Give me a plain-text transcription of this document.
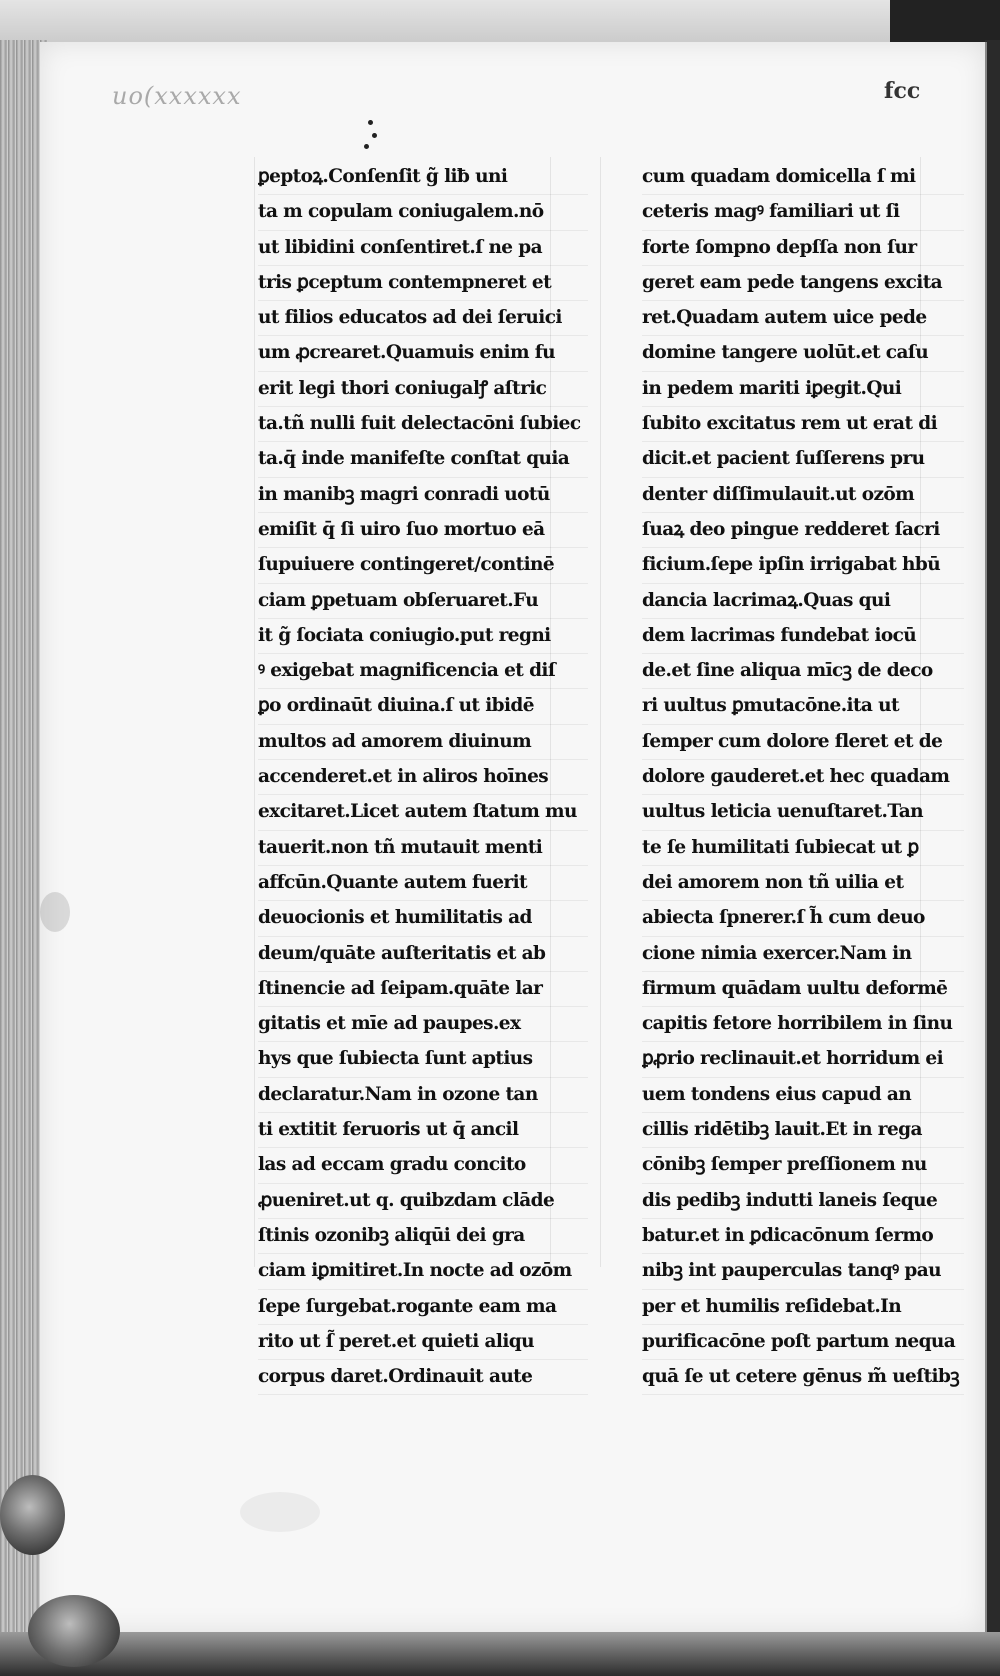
uo(xxxxxx	fcc
ꝑeptoꝝ.Conſenſit g̃ liƀ uni
ta m copulam coniugalem.nō
ut libidini conſentiret.ſ ne pa
tris ꝑceptum contempneret et
ut filios educatos ad dei ſeruici
um ꝓcrearet.Quamuis enim fu
erit legi thori coniugalꝭ aſtric
ta.tñ nulli fuit delectacōni ſubiec
ta.q̄ inde manifeſte conſtat quia
in manibꝫ magri conradi uotū
emiſit q̄ ſi uiro ſuo mortuo eā
ſupuiuere contingeret/continē
ciam ꝑpetuam obſeruaret.Fu
it g̃ ſociata coniugio.put regni
ꝰ exigebat magnificencia et diſ
ꝑo ordinaūt diuina.ſ ut ibidē
multos ad amorem diuinum
accenderet.et in aliros hoīnes
excitaret.Licet autem ſtatum mu
tauerit.non tñ mutauit menti
affcūn.Quante autem fuerit
deuocionis et humilitatis ad
deum/quāte auſteritatis et ab
ſtinencie ad ſeipam.quāte lar
gitatis et mīe ad paupes.ex
hys que ſubiecta ſunt aptius
declaratur.Nam in ozone tan
ti extitit feruoris ut q̄ ancil
las ad eccam gradu concito
ꝓueniret.ut q. quibzdam clāde
ſtinis ozonibꝫ aliqūi dei gra
ciam iꝑmitiret.In nocte ad ozōm
ſepe ſurgebat.rogante eam ma
rito ut ſ̃ peret.et quieti aliqu
corpus daret.Ordinauit aute
cum quadam domicella ſ mi
ceteris magꝰ familiari ut ſi
forte ſompno depſſa non ſur
geret eam pede tangens excita
ret.Quadam autem uice pede
domine tangere uolūt.et caſu
in pedem mariti iꝑegit.Qui
ſubito excitatus rem ut erat di
dicit.et pacient ſuſſerens pru
denter diſſimulauit.ut ozōm
ſuaꝝ deo pingue redderet ſacri
ficium.ſepe ipſin irrigabat hbū
dancia lacrimaꝝ.Quas qui
dem lacrimas fundebat iocū
de.et ſine aliqua mīcꝫ de deco
ri uultus ꝑmutacōne.ita ut
ſemper cum dolore fleret et de
dolore gauderet.et hec quadam
uultus leticia uenuſtaret.Tan
te ſe humilitati ſubiecat ut ꝑ
dei amorem non tñ uilia et
abiecta ſpnerer.ſ h̃ cum deuo
cione nimia exercer.Nam in
firmum quādam uultu deformē
capitis fetore horribilem in ſinu
ꝑꝓrio reclinauit.et horridum ei
uem tondens eius capud an
cillis ridētibꝫ lauit.Et in rega
cōnibꝫ ſemper preſſionem nu
dis pedibꝫ indutti laneis ſeque
batur.et in ꝑdicacōnum ſermo
nibꝫ int pauperculas tanqꝰ pau
per et humilis reſidebat.In
purificacōne poſt partum nequa
quā ſe ut cetere gēnus m̃ ueſtibꝫ
